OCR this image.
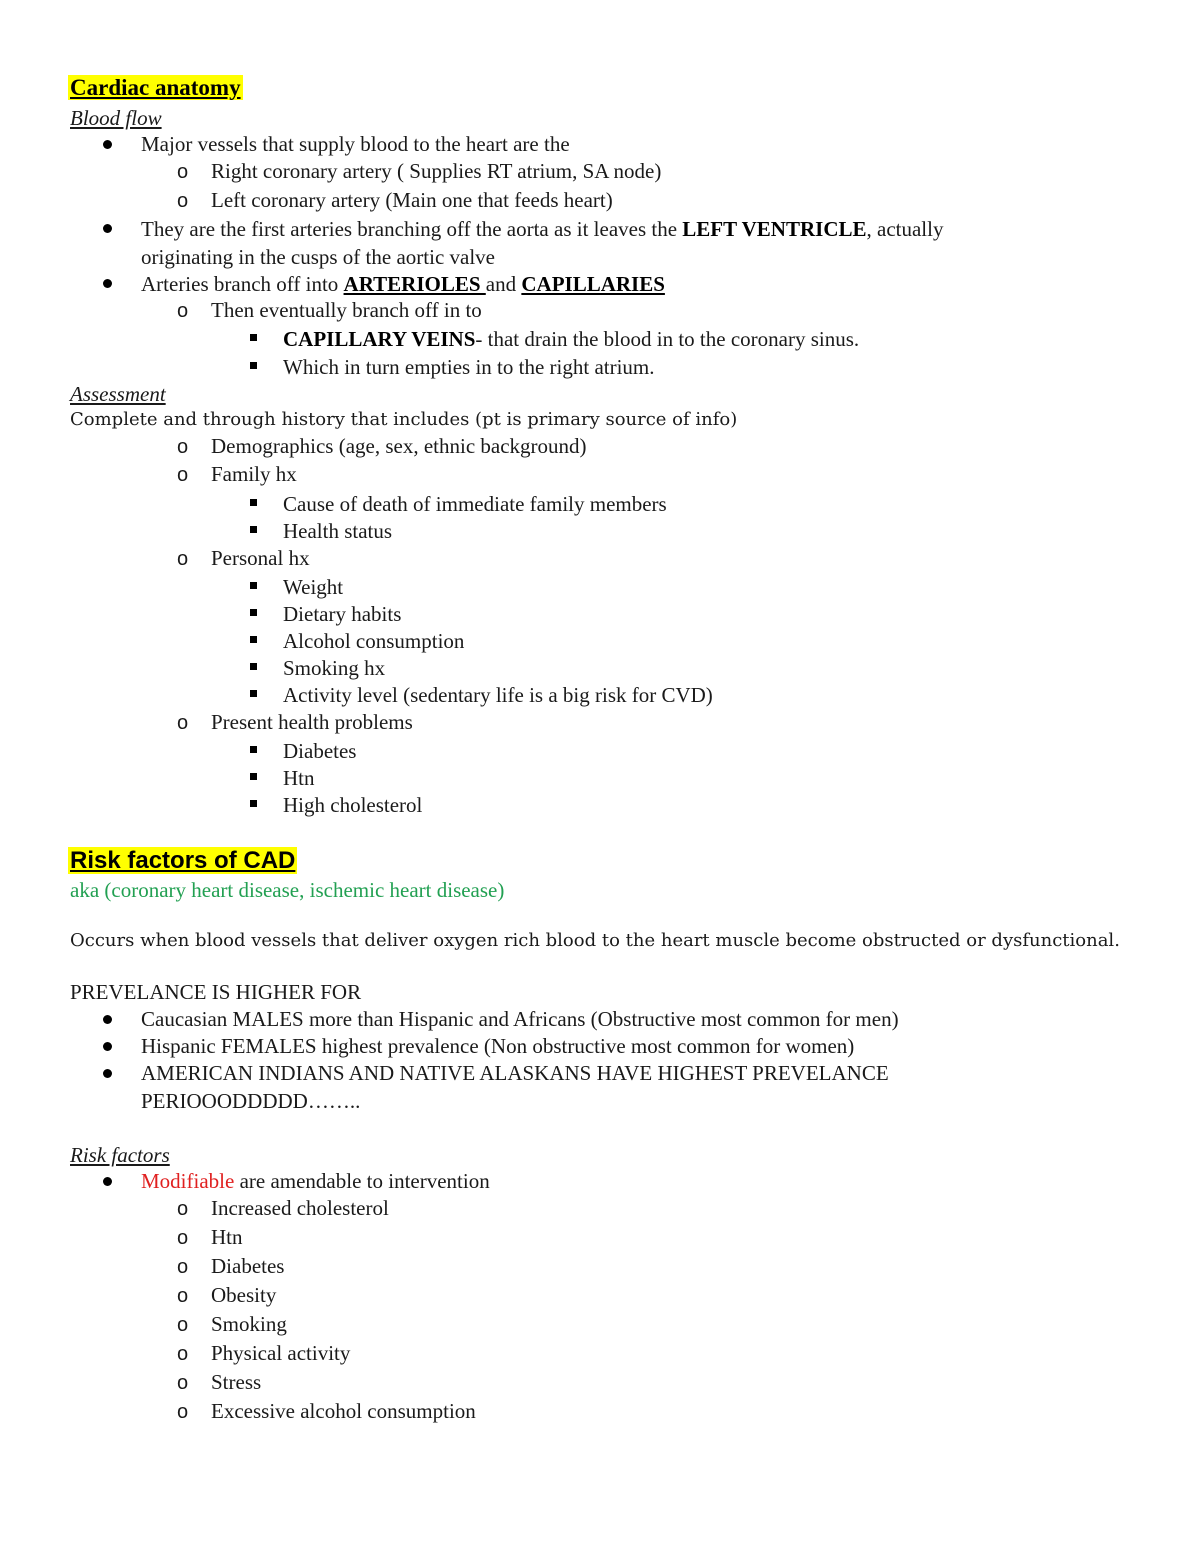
Cardiac anatomy
Blood flow
Major vessels that supply blood to the heart are the
o Right coronary artery ( Supplies RT atrium, SA node)
o Left coronary artery (Main one that feeds heart)
They are the first arteries branching off the aorta as it leaves the LEFT VENTRICLE, actually
originating in the cusps of the aortic valve
Arteries branch off into ARTERIOLES and CAPILLARIES
o Then eventually branch off in to
CAPILLARY VEINS- that drain the blood in to the coronary sinus.
Which in turn empties in to the right atrium.
Assessment
Complete and through history that includes (pt is primary source of info)
o Demographics (age, sex, ethnic background)
o Family hx
Cause of death of immediate family members
Health status
o Personal hx
Weight
Dietary habits
Alcohol consumption
Smoking hx
Activity level (sedentary life is a big risk for CVD)
o Present health problems
Diabetes
Htn
High cholesterol
Risk factors of CAD
aka (coronary heart disease, ischemic heart disease)
Occurs when blood vessels that deliver oxygen rich blood to the heart muscle become obstructed or dysfunctional.
PREVELANCE IS HIGHER FOR
Caucasian MALES more than Hispanic and Africans (Obstructive most common for men)
Hispanic FEMALES highest prevalence (Non obstructive most common for women)
AMERICAN INDIANS AND NATIVE ALASKANS HAVE HIGHEST PREVELANCE
PERIOOODDDDD……..
Risk factors
Modifiable are amendable to intervention
o Increased cholesterol
o Htn
o Diabetes
o Obesity
o Smoking
o Physical activity
o Stress
o Excessive alcohol consumption
